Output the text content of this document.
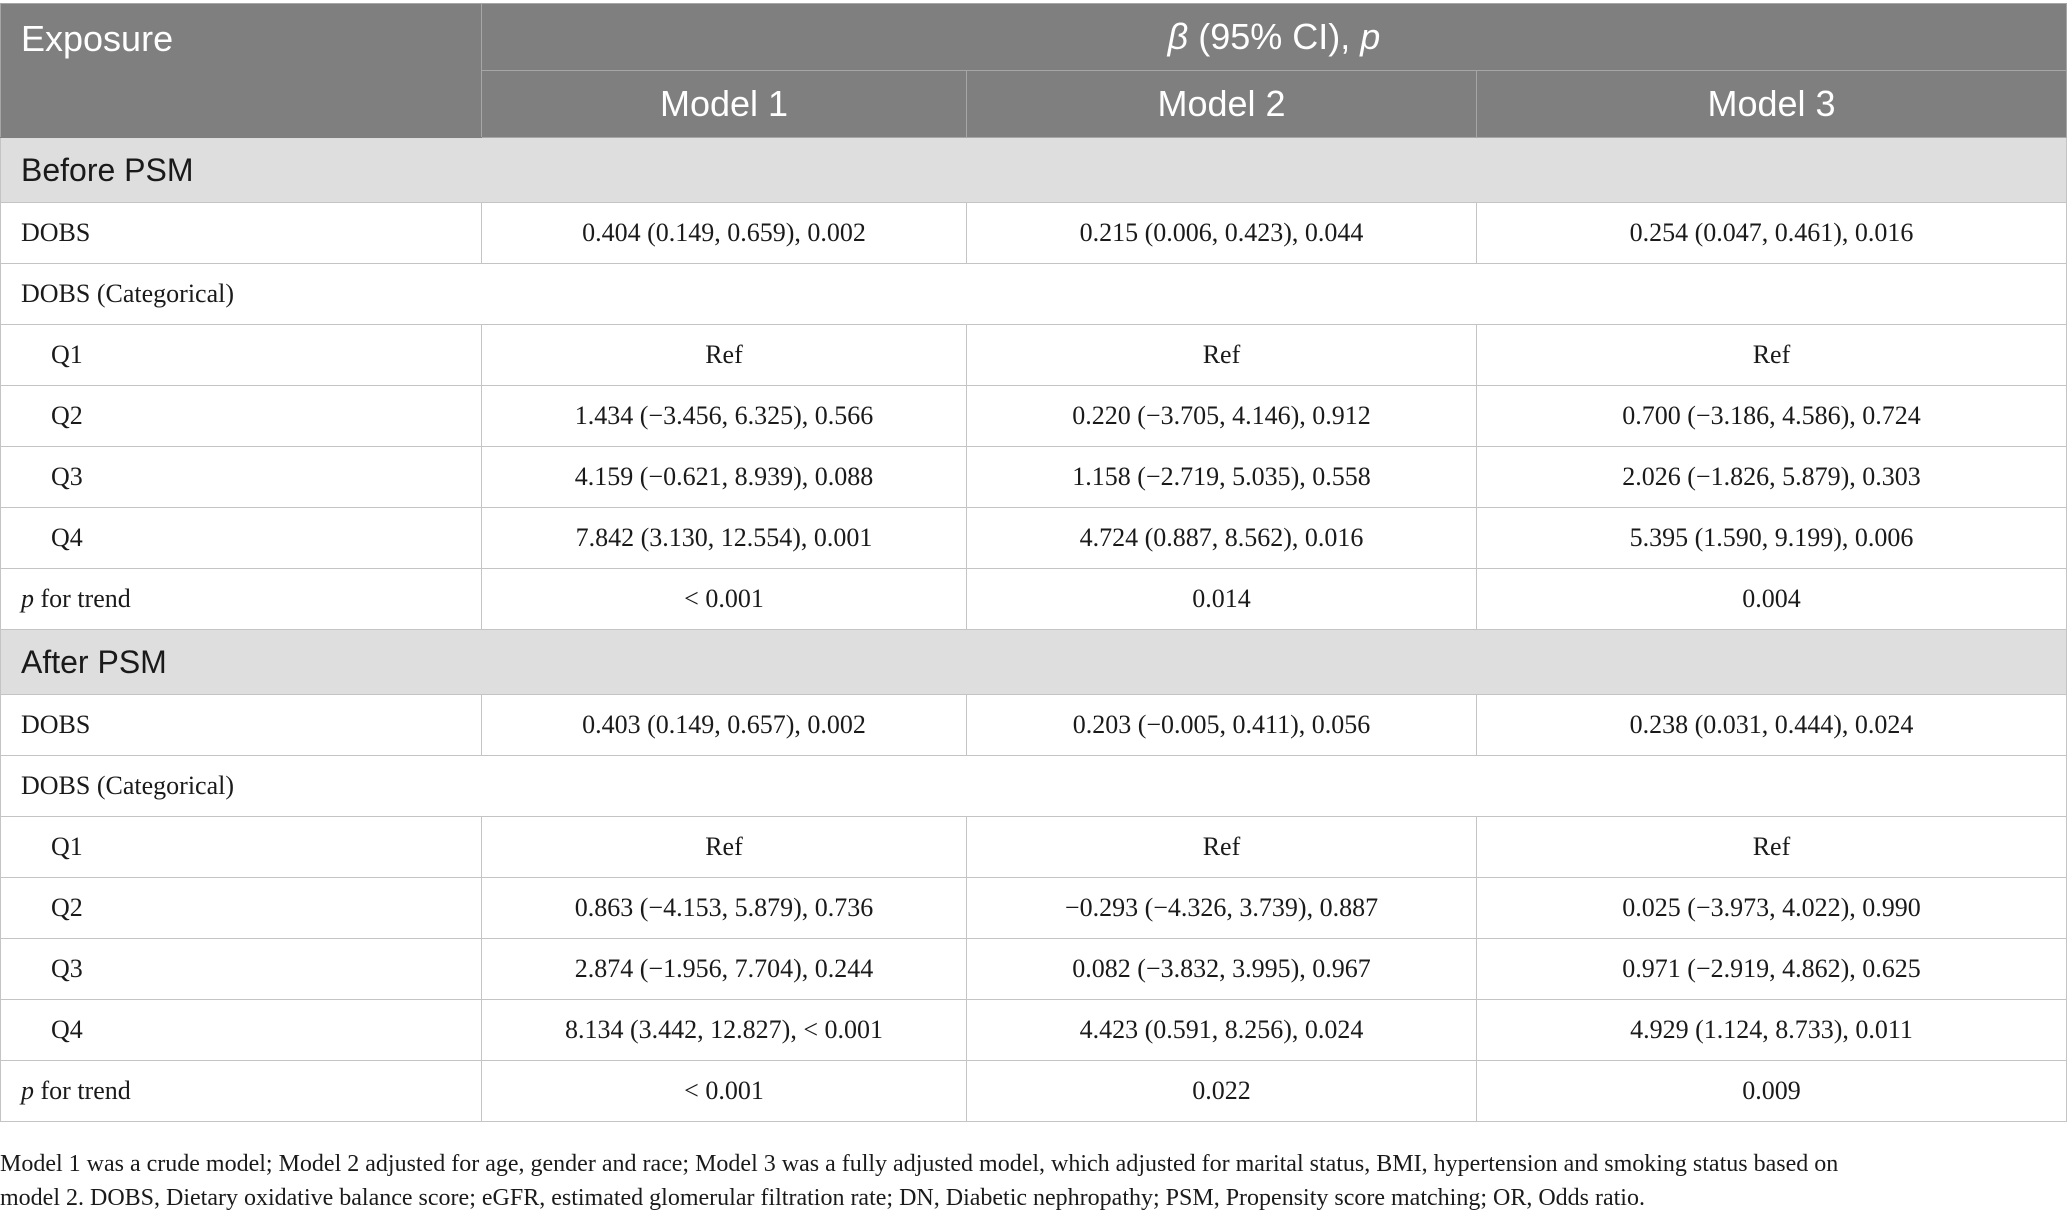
Exposure	β (95% CI), p		
	Model 1	Model 2	Model 3
Before PSM			
DOBS	0.404 (0.149, 0.659), 0.002	0.215 (0.006, 0.423), 0.044	0.254 (0.047, 0.461), 0.016
DOBS (Categorical)			
Q1	Ref	Ref	Ref
Q2	1.434 (−3.456, 6.325), 0.566	0.220 (−3.705, 4.146), 0.912	0.700 (−3.186, 4.586), 0.724
Q3	4.159 (−0.621, 8.939), 0.088	1.158 (−2.719, 5.035), 0.558	2.026 (−1.826, 5.879), 0.303
Q4	7.842 (3.130, 12.554), 0.001	4.724 (0.887, 8.562), 0.016	5.395 (1.590, 9.199), 0.006
p for trend	< 0.001	0.014	0.004
After PSM			
DOBS	0.403 (0.149, 0.657), 0.002	0.203 (−0.005, 0.411), 0.056	0.238 (0.031, 0.444), 0.024
DOBS (Categorical)			
Q1	Ref	Ref	Ref
Q2	0.863 (−4.153, 5.879), 0.736	−0.293 (−4.326, 3.739), 0.887	0.025 (−3.973, 4.022), 0.990
Q3	2.874 (−1.956, 7.704), 0.244	0.082 (−3.832, 3.995), 0.967	0.971 (−2.919, 4.862), 0.625
Q4	8.134 (3.442, 12.827), < 0.001	4.423 (0.591, 8.256), 0.024	4.929 (1.124, 8.733), 0.011
p for trend	< 0.001	0.022	0.009

Model 1 was a crude model; Model 2 adjusted for age, gender and race; Model 3 was a fully adjusted model, which adjusted for marital status, BMI, hypertension and smoking status based on

model 2. DOBS, Dietary oxidative balance score; eGFR, estimated glomerular filtration rate; DN, Diabetic nephropathy; PSM, Propensity score matching; OR, Odds ratio.
